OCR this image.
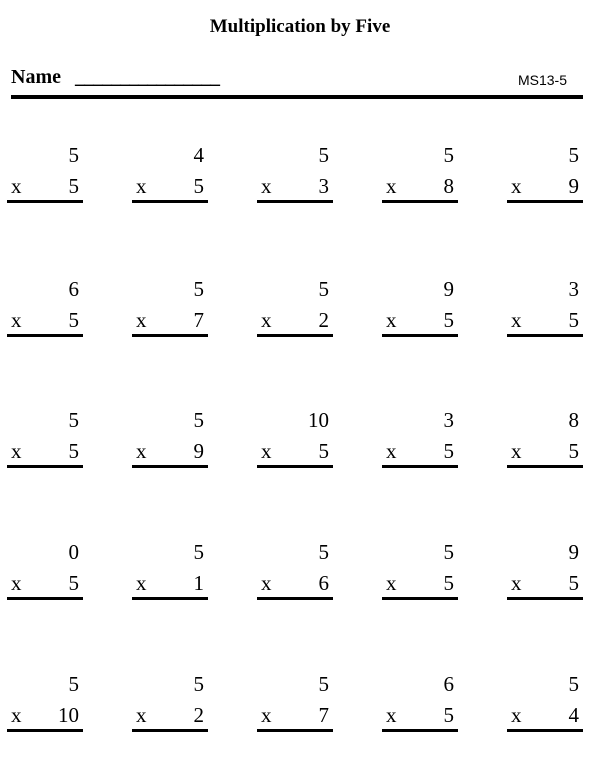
Multiplication by Five
Name ________________	MS13-5
5
x 5
4
x 5
5
x 3
5
x 8
5
x 9
6
x 5
5
x 7
5
x 2
9
x 5
3
x 5
5
x 5
5
x 9
10
x 5
3
x 5
8
x 5
0
x 5
5
x 1
5
x 6
5
x 5
9
x 5
5
x 10
5
x 2
5
x 7
6
x 5
5
x 4
